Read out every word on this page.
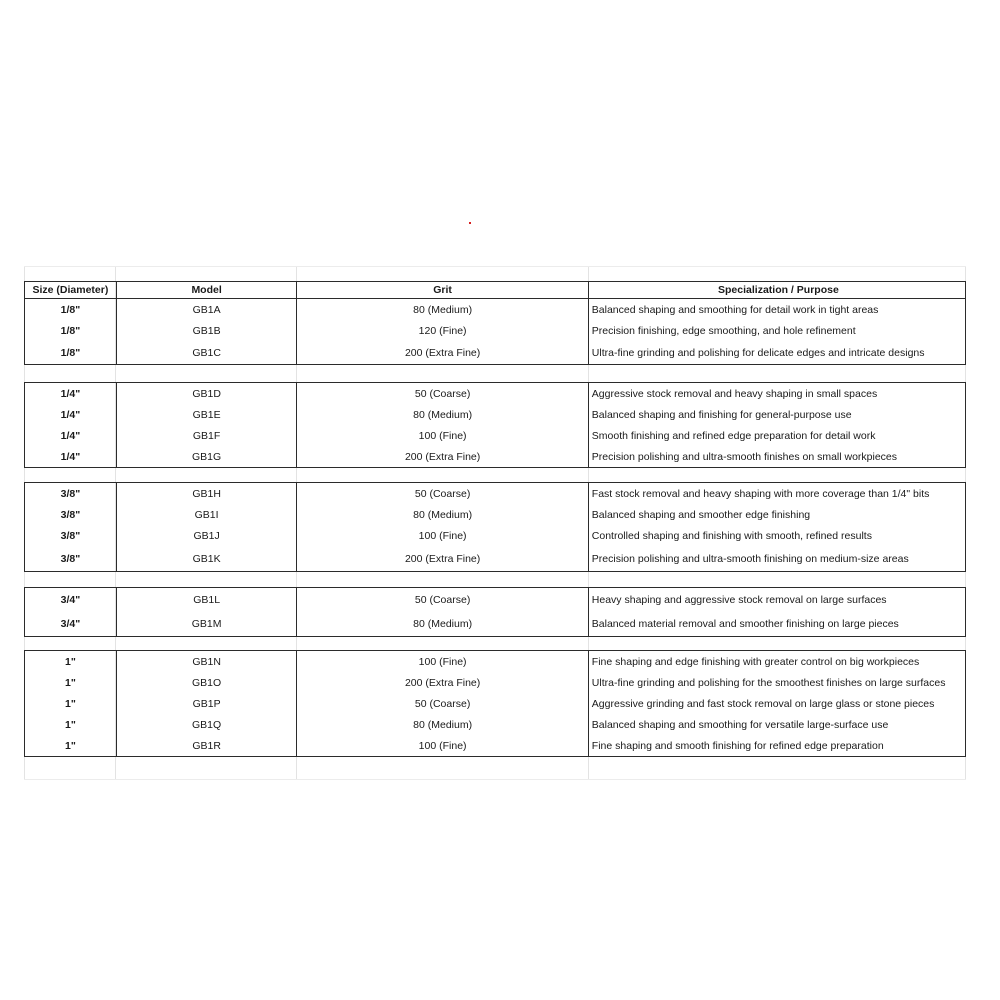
Size (Diameter)	Model	Grit	Specialization / Purpose
1/8"	GB1A	80 (Medium)	Balanced shaping and smoothing for detail work in tight areas
1/8"	GB1B	120 (Fine)	Precision finishing, edge smoothing, and hole refinement
1/8"	GB1C	200 (Extra Fine)	Ultra-fine grinding and polishing for delicate edges and intricate designs
1/4"	GB1D	50 (Coarse)	Aggressive stock removal and heavy shaping in small spaces
1/4"	GB1E	80 (Medium)	Balanced shaping and finishing for general-purpose use
1/4"	GB1F	100 (Fine)	Smooth finishing and refined edge preparation for detail work
1/4"	GB1G	200 (Extra Fine)	Precision polishing and ultra-smooth finishes on small workpieces
3/8"	GB1H	50 (Coarse)	Fast stock removal and heavy shaping with more coverage than 1/4" bits
3/8"	GB1I	80 (Medium)	Balanced shaping and smoother edge finishing
3/8"	GB1J	100 (Fine)	Controlled shaping and finishing with smooth, refined results
3/8"	GB1K	200 (Extra Fine)	Precision polishing and ultra-smooth finishing on medium-size areas
3/4"	GB1L	50 (Coarse)	Heavy shaping and aggressive stock removal on large surfaces
3/4"	GB1M	80 (Medium)	Balanced material removal and smoother finishing on large pieces
1"	GB1N	100 (Fine)	Fine shaping and edge finishing with greater control on big workpieces
1"	GB1O	200 (Extra Fine)	Ultra-fine grinding and polishing for the smoothest finishes on large surfaces
1"	GB1P	50 (Coarse)	Aggressive grinding and fast stock removal on large glass or stone pieces
1"	GB1Q	80 (Medium)	Balanced shaping and smoothing for versatile large-surface use
1"	GB1R	100 (Fine)	Fine shaping and smooth finishing for refined edge preparation
